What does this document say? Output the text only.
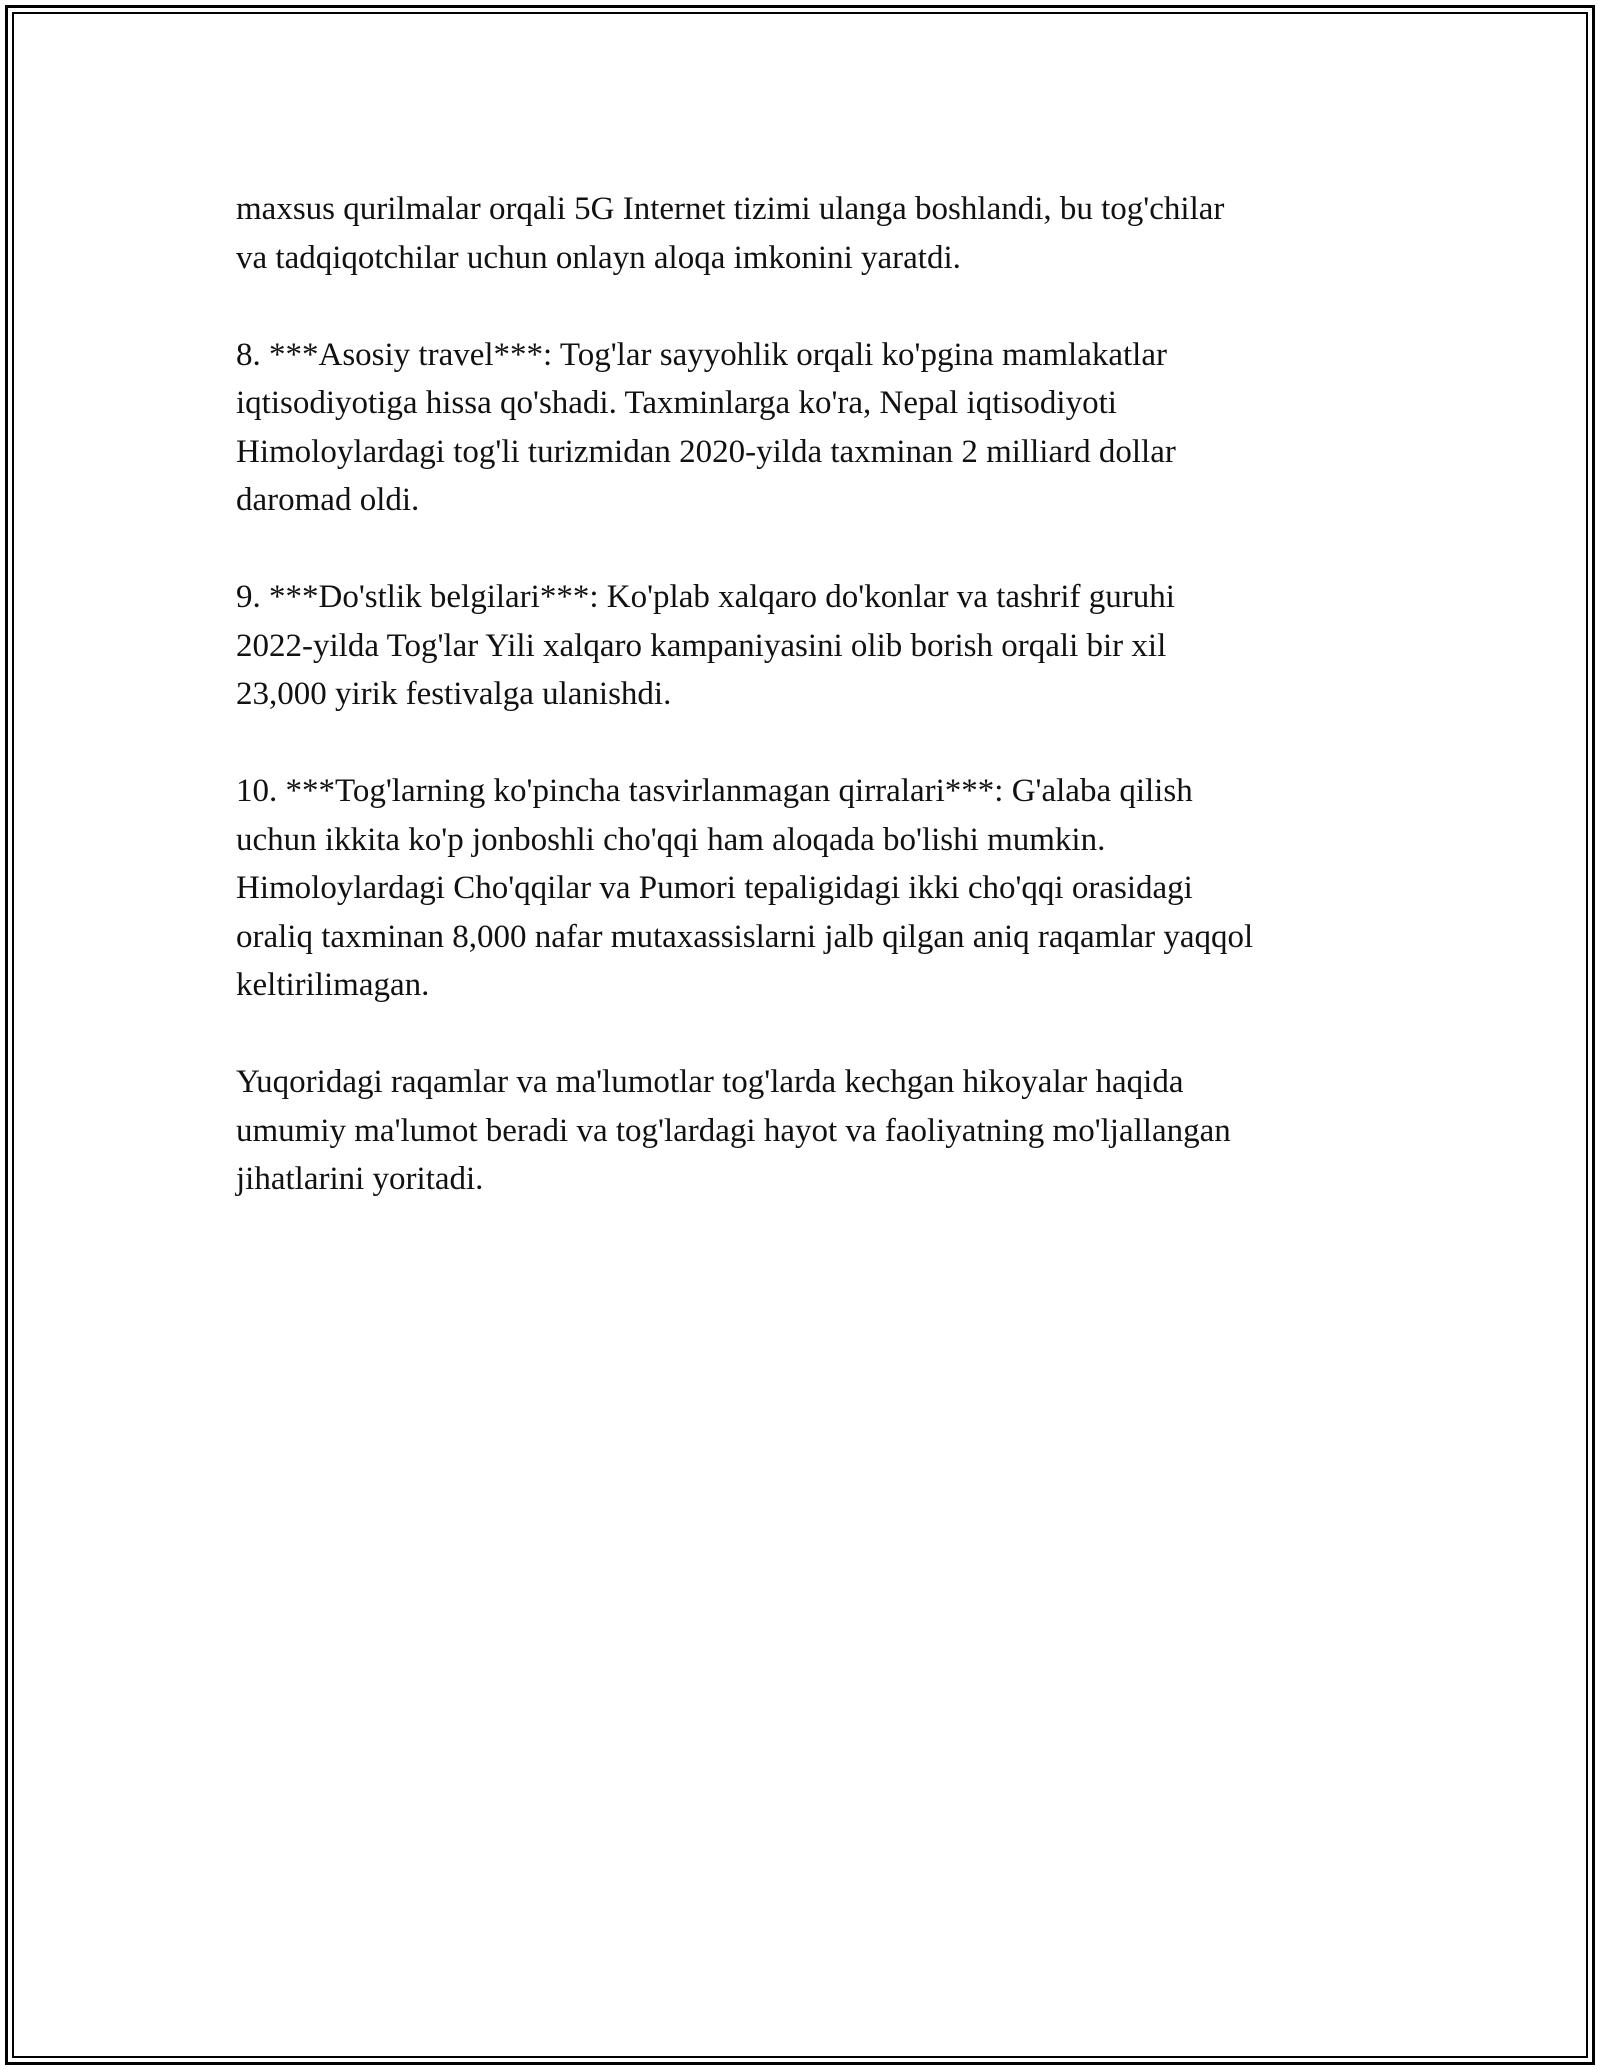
maxsus qurilmalar orqali 5G Internet tizimi ulanga boshlandi, bu tog'chilar
va tadqiqotchilar uchun onlayn aloqa imkonini yaratdi.

8. ***Asosiy travel***: Tog'lar sayyohlik orqali ko'pgina mamlakatlar
iqtisodiyotiga hissa qo'shadi. Taxminlarga ko'ra, Nepal iqtisodiyoti
Himoloylardagi tog'li turizmidan 2020-yilda taxminan 2 milliard dollar
daromad oldi.

9. ***Do'stlik belgilari***: Ko'plab xalqaro do'konlar va tashrif guruhi
2022-yilda Tog'lar Yili xalqaro kampaniyasini olib borish orqali bir xil
23,000 yirik festivalga ulanishdi.

10. ***Tog'larning ko'pincha tasvirlanmagan qirralari***: G'alaba qilish
uchun ikkita ko'p jonboshli cho'qqi ham aloqada bo'lishi mumkin.
Himoloylardagi Cho'qqilar va Pumori tepaligidagi ikki cho'qqi orasidagi
oraliq taxminan 8,000 nafar mutaxassislarni jalb qilgan aniq raqamlar yaqqol
keltirilimagan.

Yuqoridagi raqamlar va ma'lumotlar tog'larda kechgan hikoyalar haqida
umumiy ma'lumot beradi va tog'lardagi hayot va faoliyatning mo'ljallangan
jihatlarini yoritadi.
